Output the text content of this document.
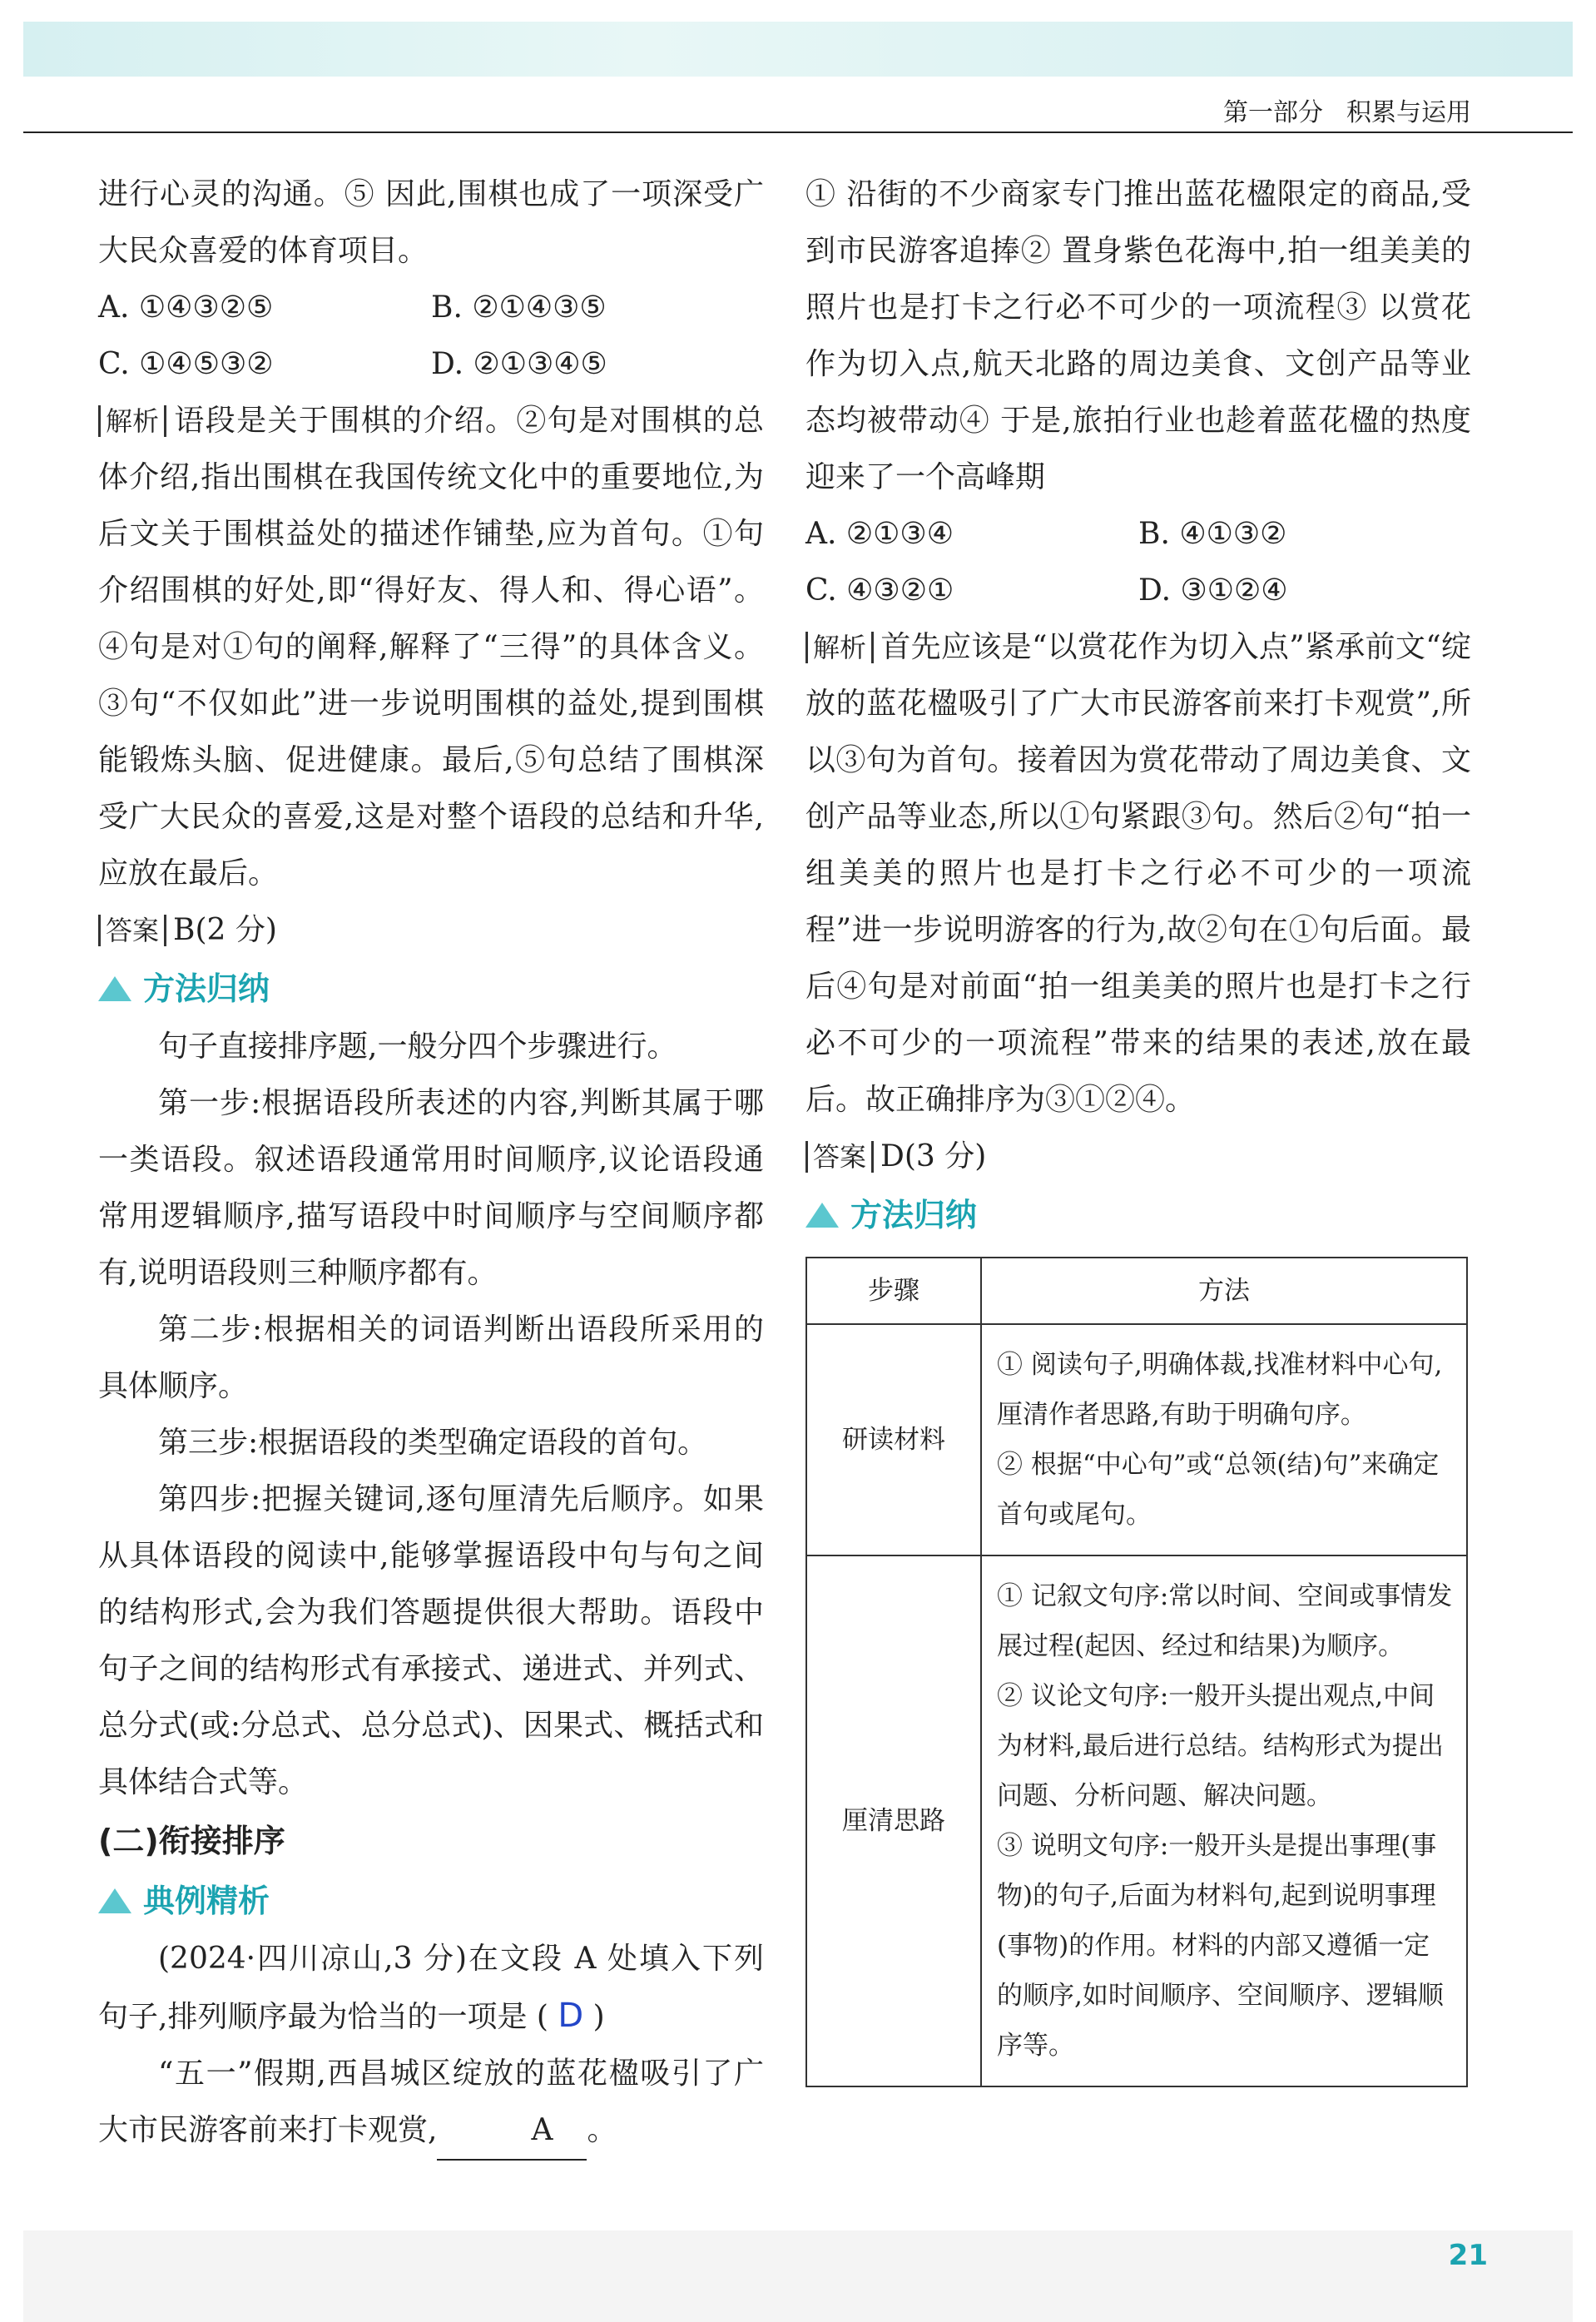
第一部分 积累与运用

进行心灵的沟通。⑤ 因此,围棋也成了一项深受广大民众喜爱的体育项目。

A. ①④③②⑤	B. ②①④③⑤
C. ①④⑤③②	D. ②①③④⑤

解析 语段是关于围棋的介绍。②句是对围棋的总体介绍,指出围棋在我国传统文化中的重要地位,为后文关于围棋益处的描述作铺垫,应为首句。①句介绍围棋的好处,即“得好友、得人和、得心语”。④句是对①句的阐释,解释了“三得”的具体含义。③句“不仅如此”进一步说明围棋的益处,提到围棋能锻炼头脑、促进健康。最后,⑤句总结了围棋深受广大民众的喜爱,这是对整个语段的总结和升华,应放在最后。

答案 B(2 分)

方法归纳

句子直接排序题,一般分四个步骤进行。

第一步:根据语段所表述的内容,判断其属于哪一类语段。叙述语段通常用时间顺序,议论语段通常用逻辑顺序,描写语段中时间顺序与空间顺序都有,说明语段则三种顺序都有。

第二步:根据相关的词语判断出语段所采用的具体顺序。

第三步:根据语段的类型确定语段的首句。

第四步:把握关键词,逐句厘清先后顺序。如果从具体语段的阅读中,能够掌握语段中句与句之间的结构形式,会为我们答题提供很大帮助。语段中句子之间的结构形式有承接式、递进式、并列式、总分式(或:分总式、总分总式)、因果式、概括式和具体结合式等。

(二)衔接排序
典例精析

(2024·四川凉山,3 分)在文段 A 处填入下列句子,排列顺序最为恰当的一项是 ( D )

“五一”假期,西昌城区绽放的蓝花楹吸引了广大市民游客前来打卡观赏,	A 。

① 沿街的不少商家专门推出蓝花楹限定的商品,受到市民游客追捧② 置身紫色花海中,拍一组美美的照片也是打卡之行必不可少的一项流程③ 以赏花作为切入点,航天北路的周边美食、文创产品等业态均被带动④ 于是,旅拍行业也趁着蓝花楹的热度迎来了一个高峰期

A. ②①③④	B. ④①③②
C. ④③②①	D. ③①②④

解析 首先应该是“以赏花作为切入点”紧承前文“绽放的蓝花楹吸引了广大市民游客前来打卡观赏”,所以③句为首句。接着因为赏花带动了周边美食、文创产品等业态,所以①句紧跟③句。然后②句“拍一组美美的照片也是打卡之行必不可少的一项流程”进一步说明游客的行为,故②句在①句后面。最后④句是对前面“拍一组美美的照片也是打卡之行必不可少的一项流程”带来的结果的表述,放在最后。故正确排序为③①②④。

答案 D(3 分)

方法归纳
步骤	方法
研读材料	① 阅读句子,明确体裁,找准材料中心句,厘清作者思路,有助于明确句序。

② 根据“中心句”或“总领(结)句”来确定首句或尾句。

厘清思路	① 记叙文句序:常以时间、空间或事情发展过程(起因、经过和结果)为顺序。

② 议论文句序:一般开头提出观点,中间为材料,最后进行总结。结构形式为提出问题、分析问题、解决问题。

③ 说明文句序:一般开头是提出事理(事物)的句子,后面为材料句,起到说明事理(事物)的作用。材料的内部又遵循一定的顺序,如时间顺序、空间顺序、逻辑顺序等。

21
